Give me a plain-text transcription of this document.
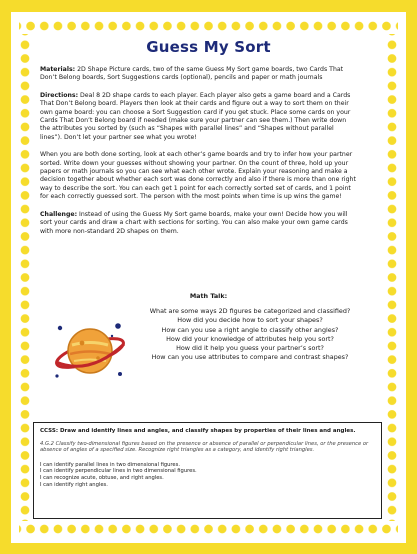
Guess My Sort

Materials: 2D Shape Picture cards, two of the same Guess My Sort game boards, two Cards That Don’t Belong boards, Sort Suggestions cards (optional), pencils and paper or math journals

Directions: Deal 8 2D shape cards to each player. Each player also gets a game board and a Cards That Don’t Belong board. Players then look at their cards and figure out a way to sort them on their own game board: you can choose a Sort Suggestion card if you get stuck. Place some cards on your Cards That Don’t Belong board if needed (make sure your partner can see them.) Then write down the attributes you sorted by (such as “Shapes with parallel lines” and “Shapes without parallel lines”). Don’t let your partner see what you wrote!

When you are both done sorting, look at each other’s game boards and try to infer how your partner sorted. Write down your guesses without showing your partner. On the count of three, hold up your papers or math journals so you can see what each other wrote. Explain your reasoning and make a decision together about whether each sort was done correctly and also if there is more than one right way to describe the sort. You can each get 1 point for each correctly sorted set of cards, and 1 point for each correctly guessed sort. The person with the most points when time is up wins the game!

Challenge: Instead of using the Guess My Sort game boards, make your own! Decide how you will sort your cards and draw a chart with sections for sorting. You can also make your own game cards with more non-standard 2D shapes on them.

Math Talk:
What are some ways 2D figures be categorized and classified?
How did you decide how to sort your shapes?
How can you use a right angle to classify other angles?
How did your knowledge of attributes help you sort?
How did it help you guess your partner’s sort?
How can you use attributes to compare and contrast shapes?
CCSS: Draw and identify lines and angles, and classify shapes by properties of their lines and angles.
4.G.2 Classify two-dimensional figures based on the presence or absence of parallel or perpendicular lines, or the presence or absence of angles of a specified size. Recognize right triangles as a category, and identify right triangles.
I can identify parallel lines in two dimensional figures.
I can identify perpendicular lines in two dimensional figures.
I can recognize acute, obtuse, and right angles.
I can identify right angles.
